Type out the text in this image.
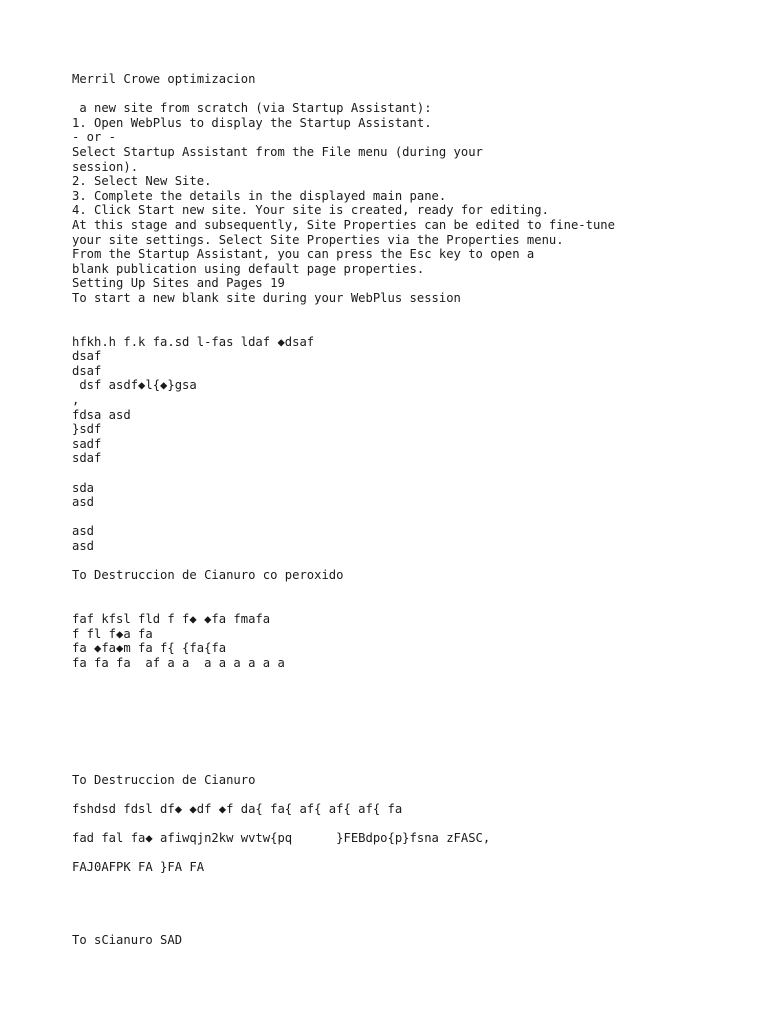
Merril Crowe optimizacion
a new site from scratch (via Startup Assistant):
1. Open WebPlus to display the Startup Assistant.
- or -
Select Startup Assistant from the File menu (during your
session).
2. Select New Site.
3. Complete the details in the displayed main pane.
4. Click Start new site. Your site is created, ready for editing.
At this stage and subsequently, Site Properties can be edited to fine-tune
your site settings. Select Site Properties via the Properties menu.
From the Startup Assistant, you can press the Esc key to open a
blank publication using default page properties.
Setting Up Sites and Pages 19
To start a new blank site during your WebPlus session
hfkh.h f.k fa.sd l-fas ldaf ◆dsaf
dsaf
dsaf
dsf asdf◆l{◆}gsa
,
fdsa asd
}sdf
sadf
sdaf
sda
asd
asd
asd
To Destruccion de Cianuro co peroxido
faf kfsl fld f f◆ ◆fa fmafa
f fl f◆a fa
fa ◆fa◆m fa f{ {fa{fa
fa fa fa  af a a  a a a a a a
To Destruccion de Cianuro
fshdsd fdsl df◆ ◆df ◆f da{ fa{ af{ af{ af{ fa
fad fal fa◆ afiwqjn2kw wvtw{pq      }FEBdpo{p}fsna zFASC,
FAJ0AFPK FA }FA FA
To sCianuro SAD
